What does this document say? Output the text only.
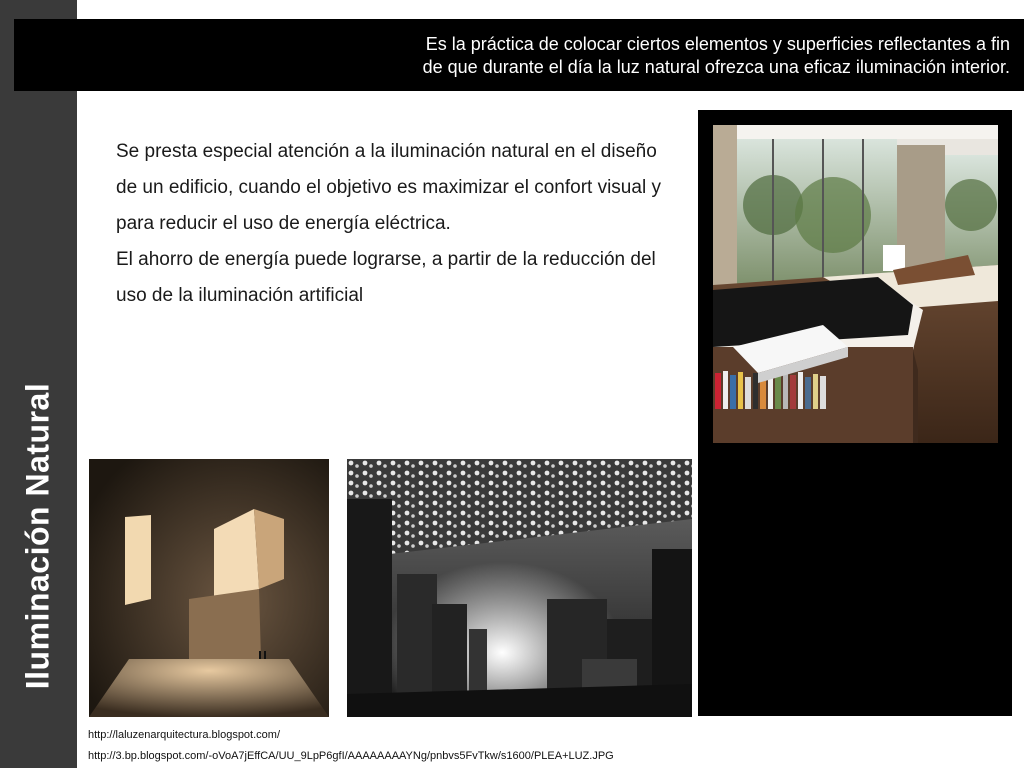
Iluminación Natural
Es la práctica de colocar ciertos elementos y superficies reflectantes a fin
de que durante el día la luz natural ofrezca una eficaz iluminación interior.

Se presta especial atención a la iluminación natural en el diseño de un edificio, cuando el objetivo es maximizar el confort visual y para reducir el uso de energía eléctrica.

El ahorro de energía puede lograrse, a partir de la reducción del uso de la iluminación artificial

http://laluzenarquitectura.blogspot.com/
http://3.bp.blogspot.com/-oVoA7jEffCA/UU_9LpP6gfI/AAAAAAAAYNg/pnbvs5FvTkw/s1600/PLEA+LUZ.JPG
